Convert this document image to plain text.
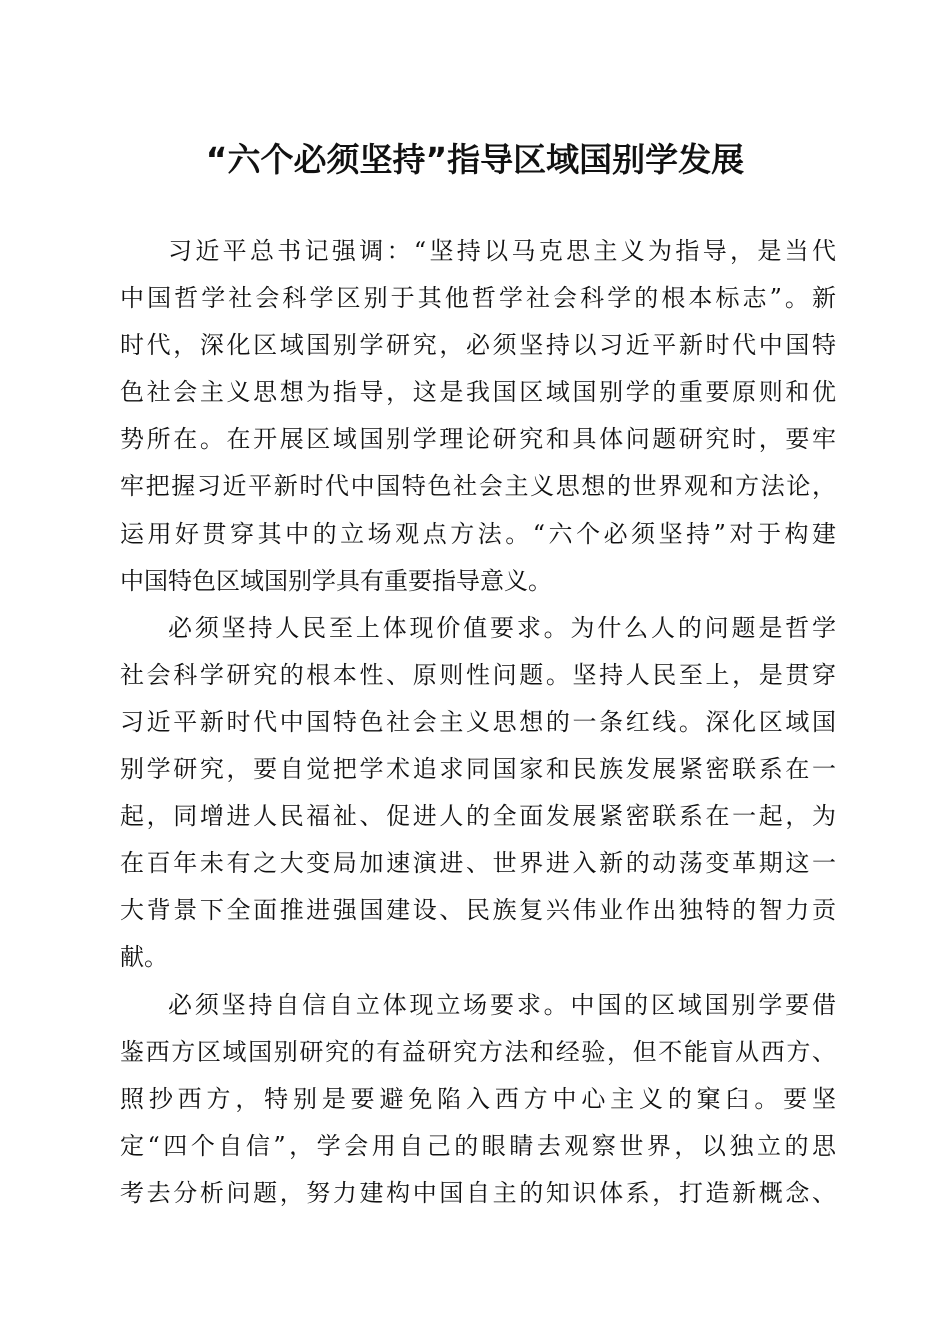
“六个必须坚持”指导区域国别学发展
习近平总书记强调：“坚持以马克思主义为指导，是当代
中国哲学社会科学区别于其他哲学社会科学的根本标志”。新
时代，深化区域国别学研究，必须坚持以习近平新时代中国特
色社会主义思想为指导，这是我国区域国别学的重要原则和优
势所在。在开展区域国别学理论研究和具体问题研究时，要牢
牢把握习近平新时代中国特色社会主义思想的世界观和方法论，
运用好贯穿其中的立场观点方法。“六个必须坚持”对于构建
中国特色区域国别学具有重要指导意义。
必须坚持人民至上体现价值要求。为什么人的问题是哲学
社会科学研究的根本性、原则性问题。坚持人民至上，是贯穿
习近平新时代中国特色社会主义思想的一条红线。深化区域国
别学研究，要自觉把学术追求同国家和民族发展紧密联系在一
起，同增进人民福祉、促进人的全面发展紧密联系在一起，为
在百年未有之大变局加速演进、世界进入新的动荡变革期这一
大背景下全面推进强国建设、民族复兴伟业作出独特的智力贡
献。
必须坚持自信自立体现立场要求。中国的区域国别学要借
鉴西方区域国别研究的有益研究方法和经验，但不能盲从西方、
照抄西方，特别是要避免陷入西方中心主义的窠臼。要坚
定“四个自信”，学会用自己的眼睛去观察世界，以独立的思
考去分析问题，努力建构中国自主的知识体系，打造新概念、
